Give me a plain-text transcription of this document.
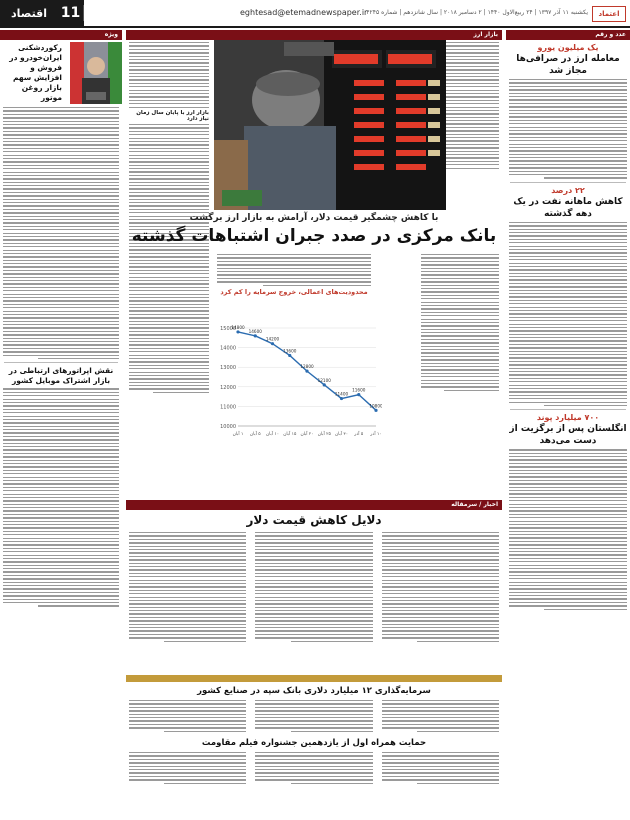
11
اقتصاد	eghtesad@etemadnewspaper.ir
یکشنبه ۱۱ آذر ۱۳۹۷ | ۲۴ ربیع‌الاول ۱۴۴۰ | ۲ دسامبر ۲۰۱۸ | سال شانزدهم | شماره ۴۲۴۵	اعتماد
عدد و رقم
یک میلیون یورو
معامله ارز در صرافی‌ها مجاز شد
۲۲ درصد
کاهش ماهانه نفت در یک دهه گذشته
۷۰۰ میلیارد پوند
انگلستان پس از برگزیت از دست می‌دهد
بازار ارز
بازار ارز با پایان سال زمان نیاز دارد
با کاهش چشمگیر قیمت دلار، آرامش به بازار ارز برگشت
بانک مرکزی در صدد جبران اشتباهات گذشته
محدودیت‌های اعمالی، خروج سرمایه را کم کرد
10000
11000
12000
13000
14000
15000
14800
14600
14200
13600
12800
12100
11400
11600
10800
۱ آبان ۵ آبان ۱۰ آبان ۱۵ آبان ۲۰ آبان ۲۵ آبان ۳۰ آبان ۵ آذر ۱۰ آذر
اخبار / سرمقاله
دلایل کاهش قیمت دلار
ویژه
سرمایه‌گذاری ۱۲ میلیارد دلاری بانک سپه در صنایع کشور
حمایت همراه اول از یازدهمین جشنواره فیلم مقاومت
ویژه
رکوردشکنی ایران‌خودرو در فروش و افزایش سهم بازار روغن موتور
نقش اپراتورهای ارتباطی در بازار اشتراک موبایل کشور
